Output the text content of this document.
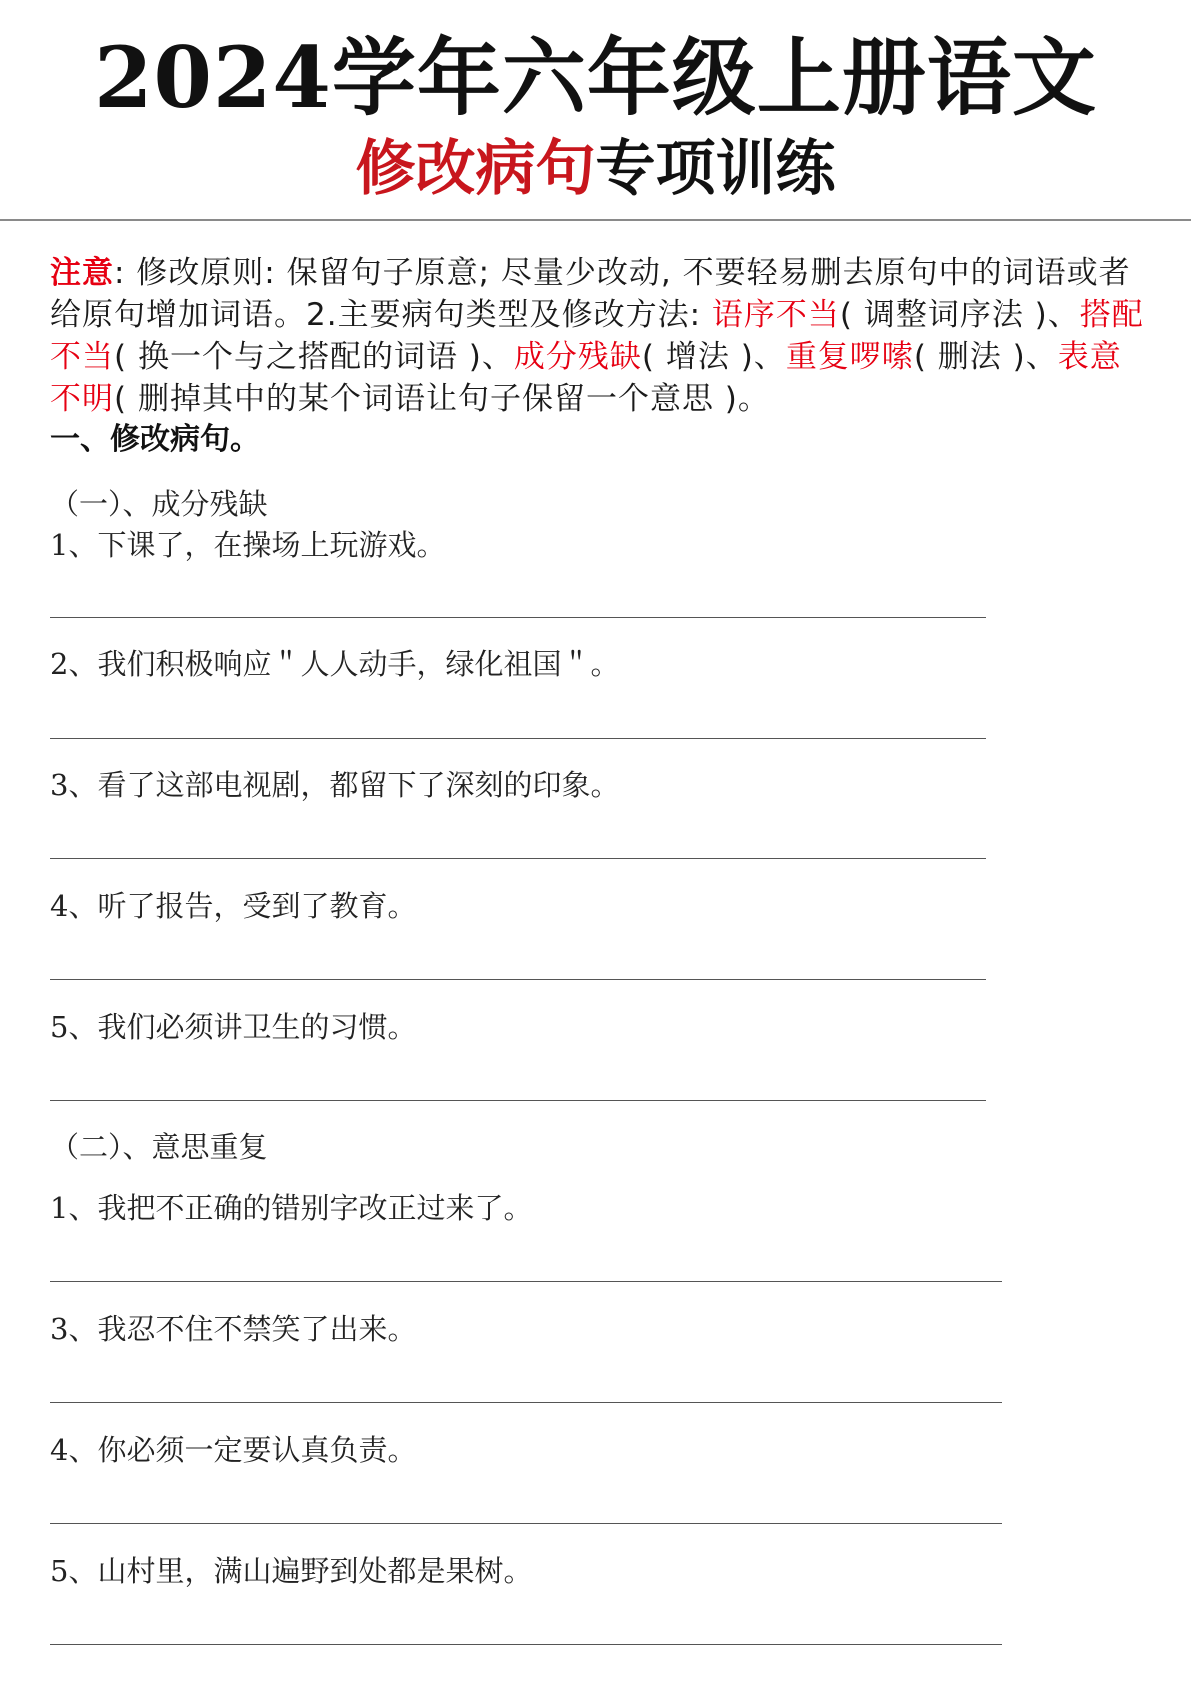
2024学年六年级上册语文
修改病句专项训练
注意: 修改原则: 保留句子原意; 尽量少改动, 不要轻易删去原句中的词语或者给原句增加词语。2.主要病句类型及修改方法: 语序不当( 调整词序法 )、搭配不当( 换一个与之搭配的词语 )、成分残缺( 增法 )、重复啰嗦( 删法 )、表意不明( 删掉其中的某个词语让句子保留一个意思 )。
一、修改病句。
（一）、成分残缺
1、下课了，在操场上玩游戏。
2、我们积极响应＂人人动手，绿化祖国＂。
3、看了这部电视剧，都留下了深刻的印象。
4、听了报告，受到了教育。
5、我们必须讲卫生的习惯。
（二）、意思重复
1、我把不正确的错别字改正过来了。
3、我忍不住不禁笑了出来。
4、你必须一定要认真负责。
5、山村里，满山遍野到处都是果树。
